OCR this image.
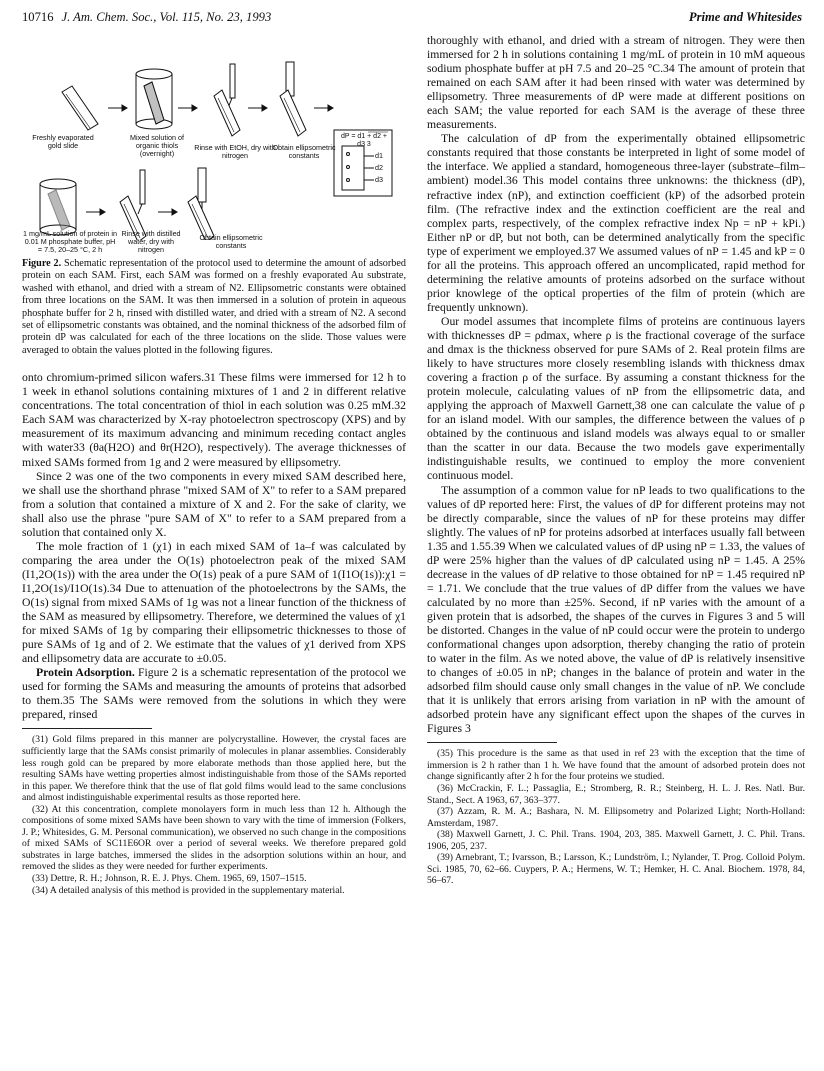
10716 J. Am. Chem. Soc., Vol. 115, No. 23, 1993	Prime and Whitesides
Freshly evaporated gold slide
Mixed solution of organic thiols (overnight)
Rinse with EtOH, dry with nitrogen
Obtain ellipsometric constants
dP = d1 + d2 + d3 3
d1
d2
d3
1 mg/mL solution of protein in 0.01 M phosphate buffer, pH = 7.5, 20–25 °C, 2 h
Rinse with distilled water, dry with nitrogen
Obtain ellipsometric constants
Figure 2. Schematic representation of the protocol used to determine the amount of adsorbed protein on each SAM. First, each SAM was formed on a freshly evaporated Au substrate, washed with ethanol, and dried with a stream of N2. Ellipsometric constants were obtained from three locations on the SAM. It was then immersed in a solution of protein in aqueous phosphate buffer for 2 h, rinsed with distilled water, and dried with a stream of N2. A second set of ellipsometric constants was obtained, and the nominal thickness of the adsorbed film of protein dP was calculated for each of the three locations on the slide. Those values were averaged to obtain the values plotted in the following figures.

onto chromium-primed silicon wafers.31 These films were immersed for 12 h to 1 week in ethanol solutions containing mixtures of 1 and 2 in different relative concentrations. The total concentration of thiol in each solution was 0.25 mM.32 Each SAM was characterized by X-ray photoelectron spectroscopy (XPS) and by measurement of its maximum advancing and minimum receding contact angles with water33 (θa(H2O) and θr(H2O), respectively). The average thicknesses of mixed SAMs formed from 1g and 2 were measured by ellipsometry.

Since 2 was one of the two components in every mixed SAM described here, we shall use the shorthand phrase "mixed SAM of X" to refer to a SAM prepared from a solution that contained a mixture of X and 2. For the sake of clarity, we shall also use the phrase "pure SAM of X" to refer to a SAM prepared from a solution that contained only X.

The mole fraction of 1 (χ1) in each mixed SAM of 1a–f was calculated by comparing the area under the O(1s) photoelectron peak of the mixed SAM (I1,2O(1s)) with the area under the O(1s) peak of a pure SAM of 1(I1O(1s)):χ1 = I1,2O(1s)/I1O(1s).34 Due to attenuation of the photoelectrons by the SAMs, the O(1s) signal from mixed SAMs of 1g was not a linear function of the thickness of the SAM as measured by ellipsometry. Therefore, we determined the values of χ1 for mixed SAMs of 1g by comparing their ellipsometric thicknesses to those of pure SAMs of 1g and of 2. We estimate that the values of χ1 derived from XPS and ellipsometry data are accurate to ±0.05.

Protein Adsorption. Figure 2 is a schematic representation of the protocol we used for forming the SAMs and measuring the amounts of proteins that adsorbed to them.35 The SAMs were removed from the solutions in which they were prepared, rinsed

(31) Gold films prepared in this manner are polycrystalline. However, the crystal faces are sufficiently large that the SAMs consist primarily of molecules in planar assemblies. Considerably less rough gold can be prepared by more elaborate methods than those applied here, but the resulting SAMs have wetting properties almost indistinguishable from those of the SAMs reported in this paper. We therefore think that the use of flat gold films would lead to the same conclusions and almost indistinguishable experimental results as those reported here.

(32) At this concentration, complete monolayers form in much less than 12 h. Although the compositions of some mixed SAMs have been shown to vary with the time of immersion (Folkers, J. P.; Whitesides, G. M. Personal communication), we observed no such change in the compositions of mixed SAMs of SC11E6OR over a period of several weeks. We therefore prepared gold substrates in large batches, immersed the slides in the adsorption solutions within an hour, and removed the slides as they were needed for further experiments.

(33) Dettre, R. H.; Johnson, R. E. J. Phys. Chem. 1965, 69, 1507–1515.

(34) A detailed analysis of this method is provided in the supplementary material.

thoroughly with ethanol, and dried with a stream of nitrogen. They were then immersed for 2 h in solutions containing 1 mg/mL of protein in 10 mM aqueous sodium phosphate buffer at pH 7.5 and 20–25 °C.34 The amount of protein that remained on each SAM after it had been rinsed with water was determined by ellipsometry. Three measurements of dP were made at different positions on each SAM; the value reported for each SAM is the average of these three measurements.

The calculation of dP from the experimentally obtained ellipsometric constants required that those constants be interpreted in light of some model of the interface. We applied a standard, homogeneous three-layer (substrate–film–ambient) model.36 This model contains three unknowns: the thickness (dP), refractive index (nP), and extinction coefficient (kP) of the adsorbed protein film. (The refractive index and the extinction coefficient are the real and complex parts, respectively, of the complex refractive index Np = nP + kPi.) Either nP or dP, but not both, can be determined analytically from the specific type of experiment we employed.37 We assumed values of nP = 1.45 and kP = 0 for all the proteins. This approach offered an uncomplicated, rapid method for determining the relative amounts of proteins adsorbed on the surface without prior knowlege of the optical properties of the film of protein (which are frequently unknown).

Our model assumes that incomplete films of proteins are continuous layers with thicknesses dP = ρdmax, where ρ is the fractional coverage of the surface and dmax is the thickness observed for pure SAMs of 2. Real protein films are likely to have structures more closely resembling islands with thickness dmax covering a fraction ρ of the surface. By assuming a constant thickness for the protein molecule, calculating values of nP from the ellipsometric data, and applying the approach of Maxwell Garnett,38 one can calculate the value of ρ for an island model. With our samples, the difference between the values of ρ obtained by the continuous and island models was always equal to or smaller than the scatter in our data. Because the two models gave experimentally indistinguishable results, we continued to employ the more convenient continuous model.

The assumption of a common value for nP leads to two qualifications to the values of dP reported here: First, the values of dP for different proteins may not be directly comparable, since the values of nP for these proteins may differ slightly. The values of nP for proteins adsorbed at interfaces usually fall between 1.35 and 1.55.39 When we calculated values of dP using nP = 1.33, the values of dP were 25% higher than the values of dP calculated using nP = 1.45. A 25% decrease in the values of dP relative to those obtained for nP = 1.45 required nP = 1.71. We conclude that the true values of dP differ from the values we have calculated by no more than ±25%. Second, if nP varies with the amount of a given protein that is adsorbed, the shapes of the curves in Figures 3 and 5 will be distorted. Changes in the value of nP could occur were the protein to undergo conformational changes upon adsorption, thereby changing the ratio of protein to water in the film. As we noted above, the value of dP is relatively insensitive to changes of ±0.05 in nP; changes in the balance of protein and water in the adsorbed film should cause only small changes in the value of nP. We conclude that it is unlikely that errors arising from variation in nP with the amount of adsorbed protein have any significant effect upon the shapes of the curves in Figures 3

(35) This procedure is the same as that used in ref 23 with the exception that the time of immersion is 2 h rather than 1 h. We have found that the amount of adsorbed protein does not change significantly after 2 h for the four proteins we studied.

(36) McCrackin, F. L.; Passaglia, E.; Stromberg, R. R.; Steinberg, H. L. J. Res. Natl. Bur. Stand., Sect. A 1963, 67, 363–377.

(37) Azzam, R. M. A.; Bashara, N. M. Ellipsometry and Polarized Light; North-Holland: Amsterdam, 1987.

(38) Maxwell Garnett, J. C. Phil. Trans. 1904, 203, 385. Maxwell Garnett, J. C. Phil. Trans. 1906, 205, 237.

(39) Arnebrant, T.; Ivarsson, B.; Larsson, K.; Lundström, I.; Nylander, T. Prog. Colloid Polym. Sci. 1985, 70, 62–66. Cuypers, P. A.; Hermens, W. T.; Hemker, H. C. Anal. Biochem. 1978, 84, 56–67.
